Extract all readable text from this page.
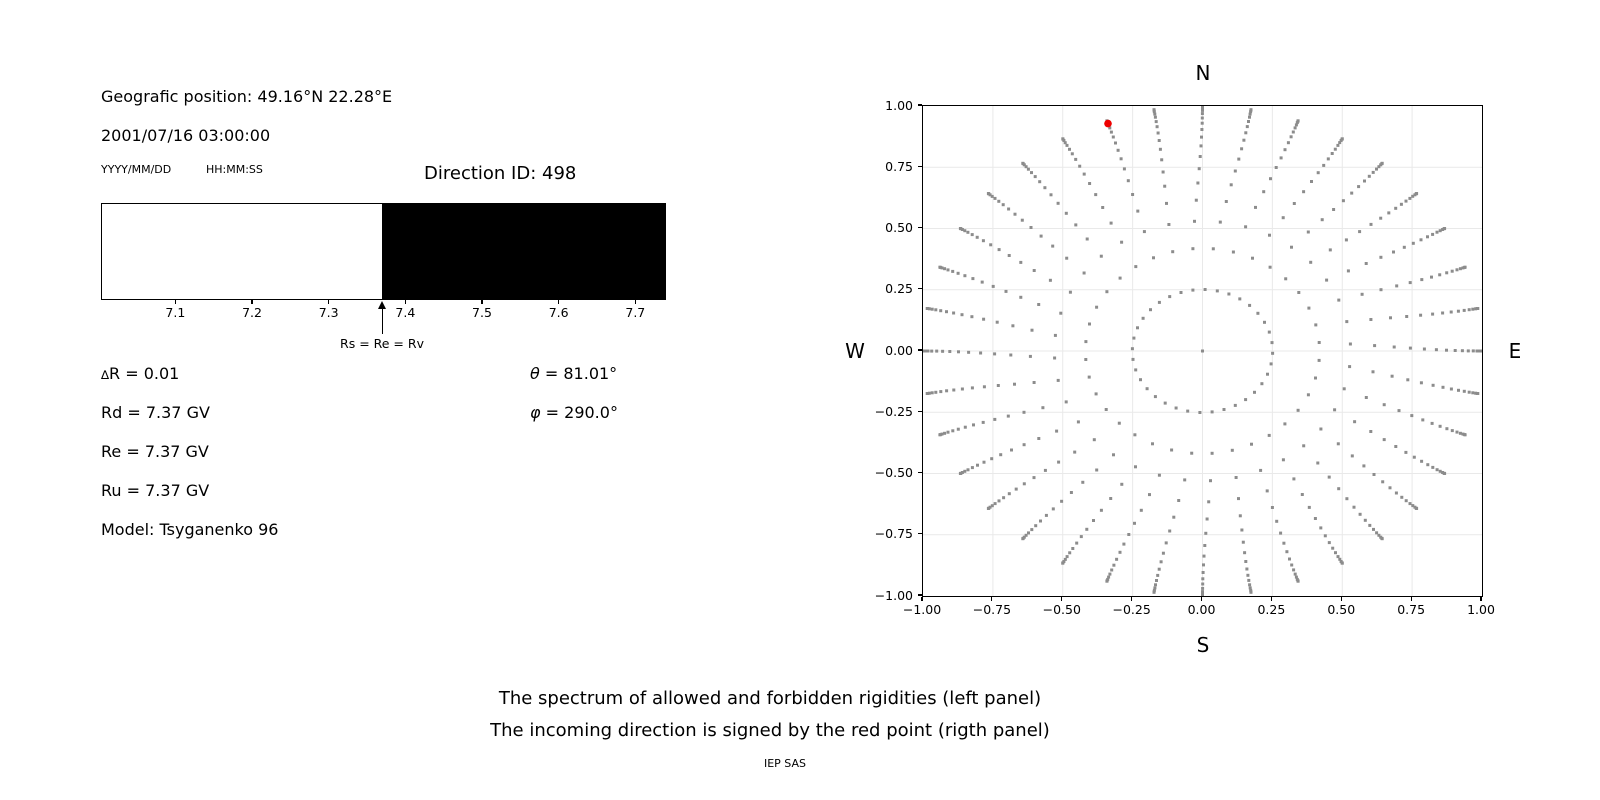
Geografic position: 49.16°N 22.28°E
2001/07/16 03:00:00
YYYY/MM/DD	HH:MM:SS	Direction ID: 498
7.1	7.2	7.3	7.4	7.5	7.6	7.7
Rs = Re = Rv
∆R = 0.01
Rd = 7.37 GV
Re = 7.37 GV
Ru = 7.37 GV
Model: Tsyganenko 96
θ = 81.01°
φ = 290.0°
N
S
W	E
−1.00	−0.75	−0.50	−0.25	0.00	0.25	0.50	0.75	1.00
−1.00
−0.75
−0.50
−0.25
0.00
0.25
0.50
0.75
1.00
The spectrum of allowed and forbidden rigidities (left panel)
The incoming direction is signed by the red point (rigth panel)
IEP SAS
